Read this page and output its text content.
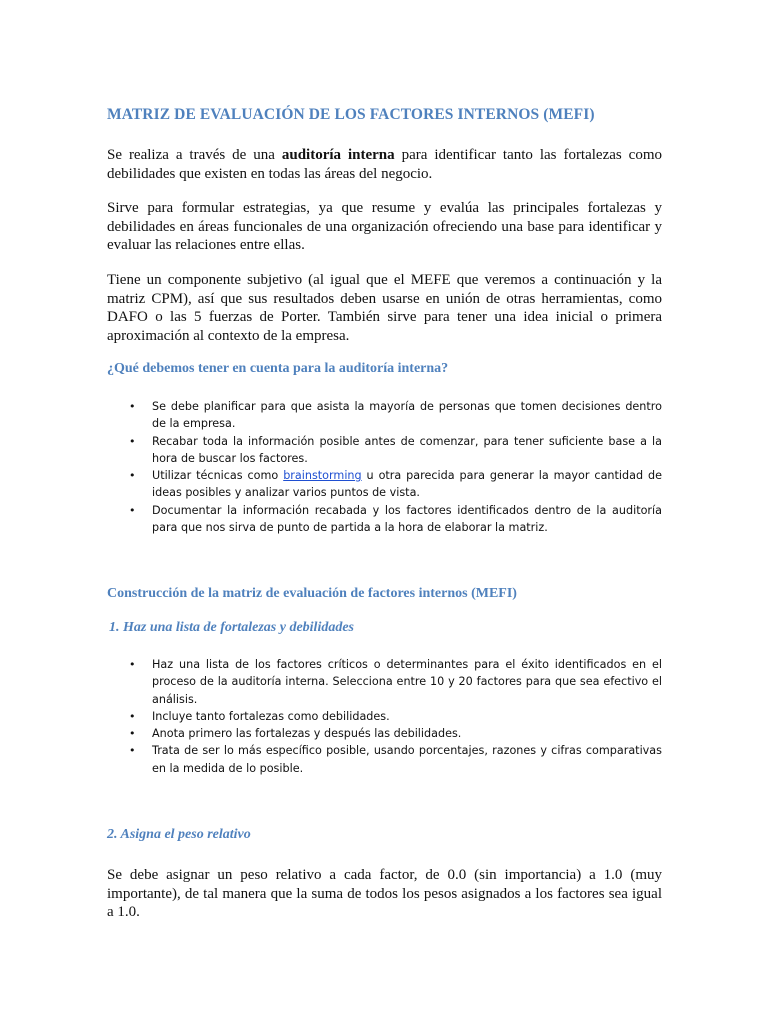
MATRIZ DE EVALUACIÓN DE LOS FACTORES INTERNOS (MEFI)

Se realiza a través de una auditoría interna para identificar tanto las fortalezas como debilidades que existen en todas las áreas del negocio.

Sirve para formular estrategias, ya que resume y evalúa las principales fortalezas y debilidades en áreas funcionales de una organización ofreciendo una base para identificar y evaluar las relaciones entre ellas.

Tiene un componente subjetivo (al igual que el MEFE que veremos a continuación y la matriz CPM), así que sus resultados deben usarse en unión de otras herramientas, como DAFO o las 5 fuerzas de Porter. También sirve para tener una idea inicial o primera aproximación al contexto de la empresa.

¿Qué debemos tener en cuenta para la auditoría interna?
• Se debe planificar para que asista la mayoría de personas que tomen decisiones dentro de la empresa.
• Recabar toda la información posible antes de comenzar, para tener suficiente base a la hora de buscar los factores.
• Utilizar técnicas como brainstorming u otra parecida para generar la mayor cantidad de ideas posibles y analizar varios puntos de vista.
• Documentar la información recabada y los factores identificados dentro de la auditoría para que nos sirva de punto de partida a la hora de elaborar la matriz.
Construcción de la matriz de evaluación de factores internos (MEFI)
1. Haz una lista de fortalezas y debilidades
• Haz una lista de los factores críticos o determinantes para el éxito identificados en el proceso de la auditoría interna. Selecciona entre 10 y 20 factores para que sea efectivo el análisis.
• Incluye tanto fortalezas como debilidades.
• Anota primero las fortalezas y después las debilidades.
• Trata de ser lo más específico posible, usando porcentajes, razones y cifras comparativas en la medida de lo posible.
2. Asigna el peso relativo

Se debe asignar un peso relativo a cada factor, de 0.0 (sin importancia) a 1.0 (muy importante), de tal manera que la suma de todos los pesos asignados a los factores sea igual a 1.0.
